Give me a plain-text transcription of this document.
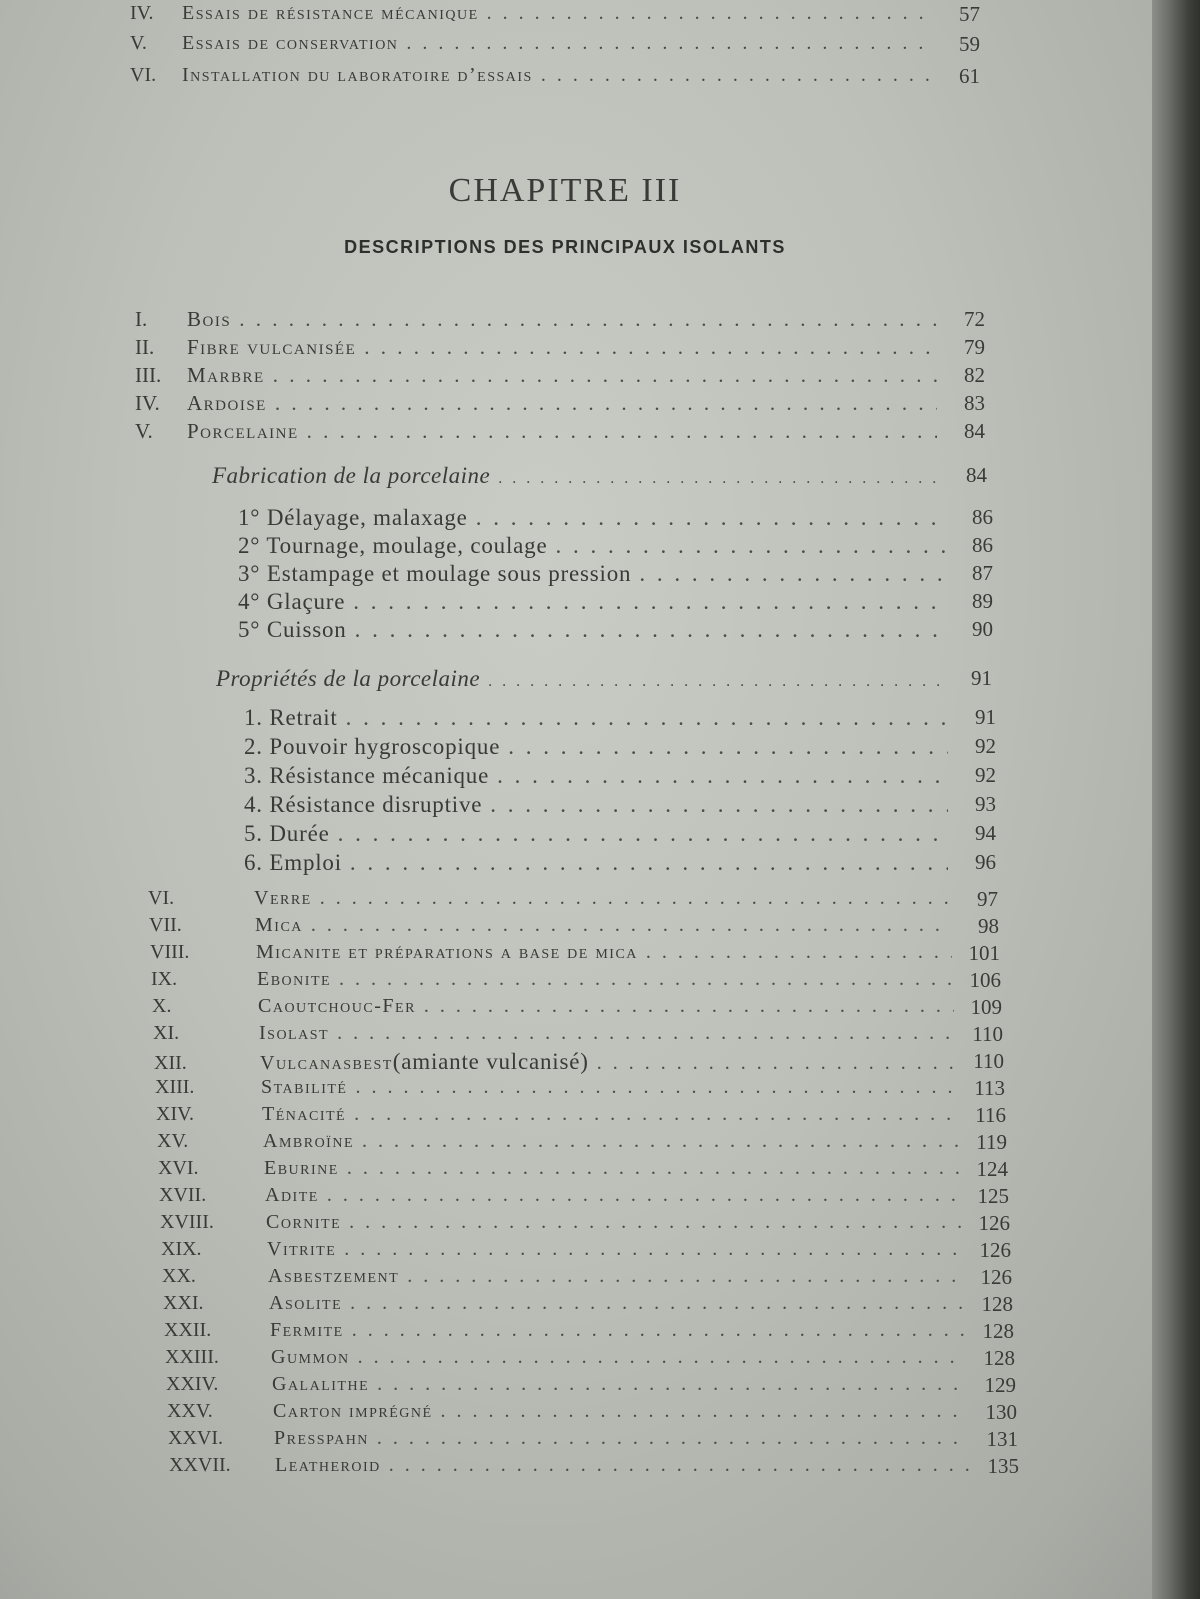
IV.	Essais de résistance mécanique . . .	57
V.	Essais de conservation . . .	59
VI.	Installation du laboratoire d’essais . . .	61
CHAPITRE III
DESCRIPTIONS DES PRINCIPAUX ISOLANTS
I.	Bois . . .	72
II.	Fibre vulcanisée . . .	79
III.	Marbre . . .	82
IV.	Ardoise . . .	83
V.	Porcelaine . . .	84
Fabrication de la porcelaine . . .	84
1° Délayage, malaxage . . .	86
2° Tournage, moulage, coulage . . .	86
3° Estampage et moulage sous pression . . .	87
4° Glaçure . . .	89
5° Cuisson . . .	90
Propriétés de la porcelaine . . .	91
1. Retrait . . .	91
2. Pouvoir hygroscopique . . .	92
3. Résistance mécanique . . .	92
4. Résistance disruptive . . .	93
5. Durée . . .	94
6. Emploi . . .	96
VI.	Verre . . .	97
VII.	Mica . . .	98
VIII.	Micanite et préparations a base de mica . . .	101
IX.	Ebonite . . .	106
X.	Caoutchouc-Fer . . .	109
XI.	Isolast . . .	110
XII.	Vulcanasbest (amiante vulcanisé) . . .	110
XIII.	Stabilité . . .	113
XIV.	Ténacité . . .	116
XV.	Ambroïne . . .	119
XVI.	Eburine . . .	124
XVII.	Adite . . .	125
XVIII.	Cornite . . .	126
XIX.	Vitrite . . .	126
XX.	Asbestzement . . .	126
XXI.	Asolite . . .	128
XXII.	Fermite . . .	128
XXIII.	Gummon . . .	128
XXIV.	Galalithe . . .	129
XXV.	Carton imprégné . . .	130
XXVI.	Presspahn . . .	131
XXVII.	Leatheroid . . .	135
